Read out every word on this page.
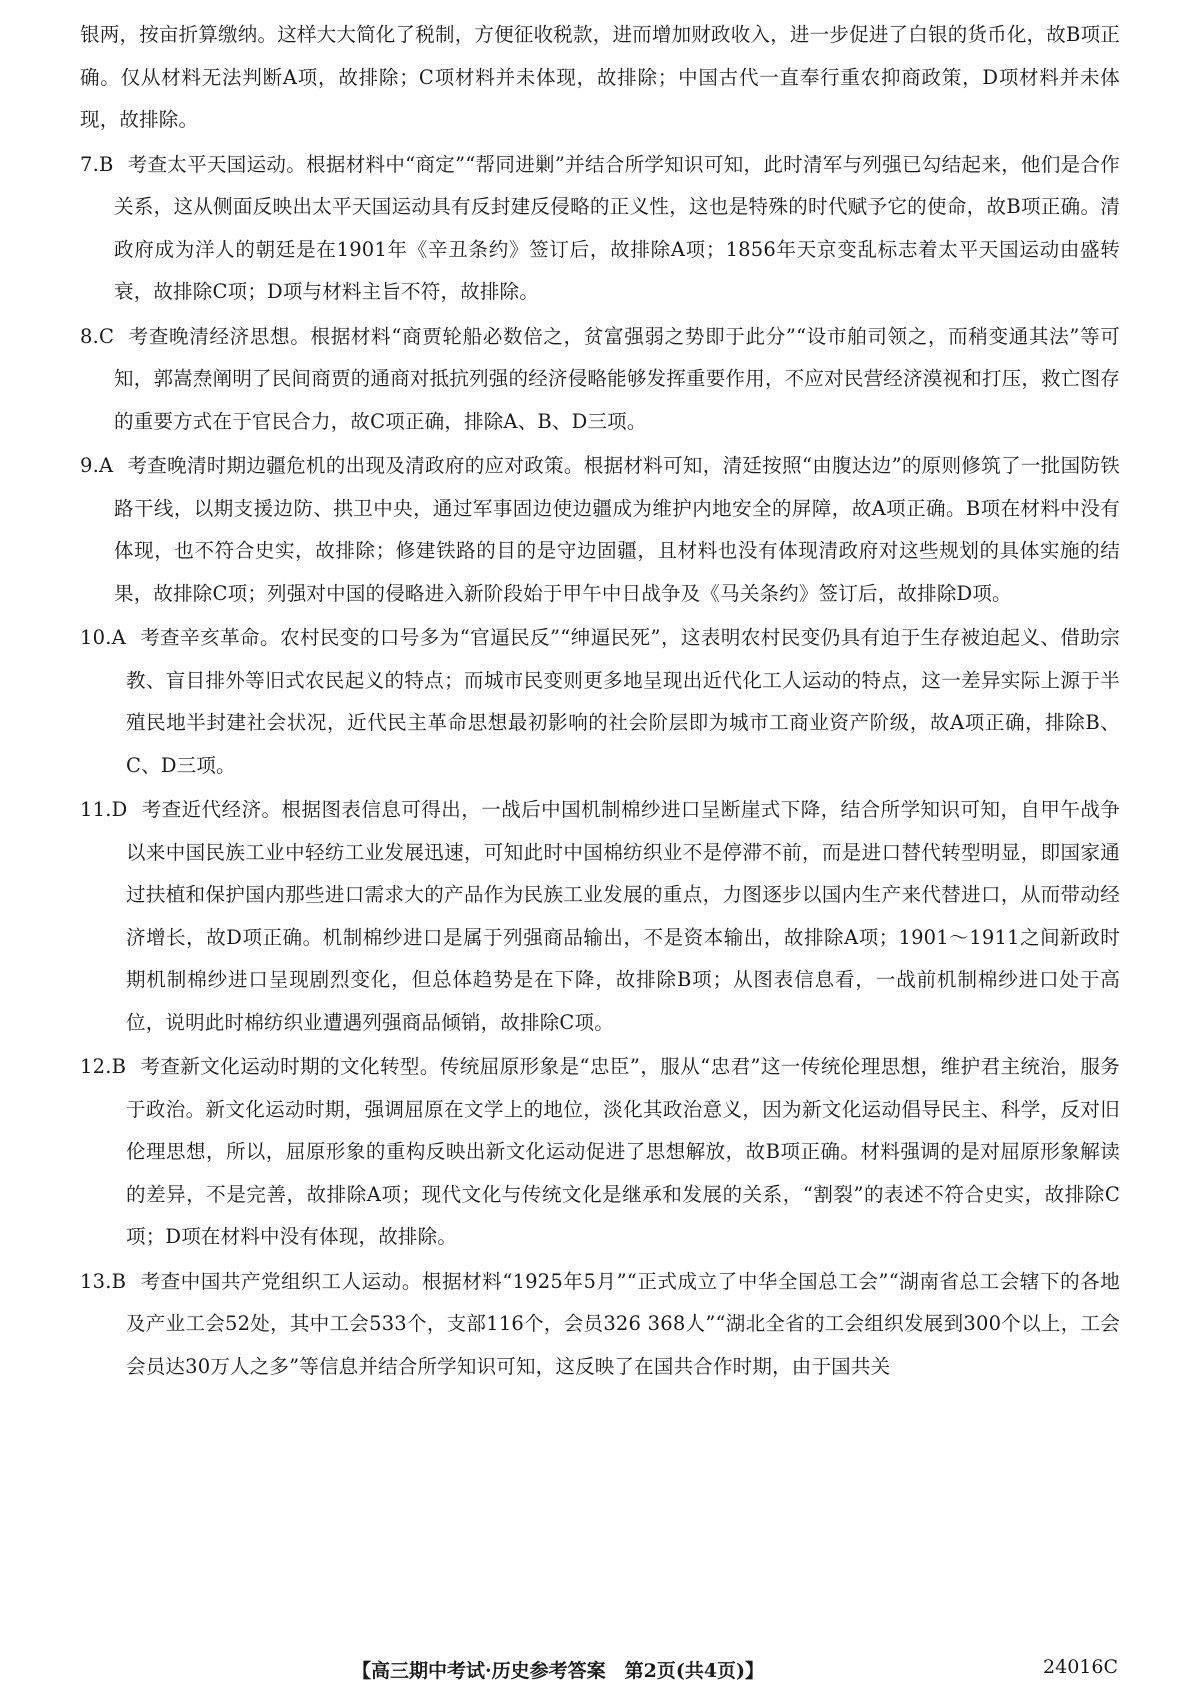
银两，按亩折算缴纳。这样大大简化了税制，方便征收税款，进而增加财政收入，进一步促进了白银的货币化，故B项正确。仅从材料无法判断A项，故排除；C项材料并未体现，故排除；中国古代一直奉行重农抑商政策，D项材料并未体现，故排除。

7.B 考查太平天国运动。根据材料中“商定”“帮同进剿”并结合所学知识可知，此时清军与列强已勾结起来，他们是合作关系，这从侧面反映出太平天国运动具有反封建反侵略的正义性，这也是特殊的时代赋予它的使命，故B项正确。清政府成为洋人的朝廷是在1901年《辛丑条约》签订后，故排除A项；1856年天京变乱标志着太平天国运动由盛转衰，故排除C项；D项与材料主旨不符，故排除。

8.C 考查晚清经济思想。根据材料“商贾轮船必数倍之，贫富强弱之势即于此分”“设市舶司领之，而稍变通其法”等可知，郭嵩焘阐明了民间商贾的通商对抵抗列强的经济侵略能够发挥重要作用，不应对民营经济漠视和打压，救亡图存的重要方式在于官民合力，故C项正确，排除A、B、D三项。

9.A 考查晚清时期边疆危机的出现及清政府的应对政策。根据材料可知，清廷按照“由腹达边”的原则修筑了一批国防铁路干线，以期支援边防、拱卫中央，通过军事固边使边疆成为维护内地安全的屏障，故A项正确。B项在材料中没有体现，也不符合史实，故排除；修建铁路的目的是守边固疆，且材料也没有体现清政府对这些规划的具体实施的结果，故排除C项；列强对中国的侵略进入新阶段始于甲午中日战争及《马关条约》签订后，故排除D项。

10.A 考查辛亥革命。农村民变的口号多为“官逼民反”“绅逼民死”，这表明农村民变仍具有迫于生存被迫起义、借助宗教、盲目排外等旧式农民起义的特点；而城市民变则更多地呈现出近代化工人运动的特点，这一差异实际上源于半殖民地半封建社会状况，近代民主革命思想最初影响的社会阶层即为城市工商业资产阶级，故A项正确，排除B、C、D三项。

11.D 考查近代经济。根据图表信息可得出，一战后中国机制棉纱进口呈断崖式下降，结合所学知识可知，自甲午战争以来中国民族工业中轻纺工业发展迅速，可知此时中国棉纺织业不是停滞不前，而是进口替代转型明显，即国家通过扶植和保护国内那些进口需求大的产品作为民族工业发展的重点，力图逐步以国内生产来代替进口，从而带动经济增长，故D项正确。机制棉纱进口是属于列强商品输出，不是资本输出，故排除A项；1901～1911之间新政时期机制棉纱进口呈现剧烈变化，但总体趋势是在下降，故排除B项；从图表信息看，一战前机制棉纱进口处于高位，说明此时棉纺织业遭遇列强商品倾销，故排除C项。

12.B 考查新文化运动时期的文化转型。传统屈原形象是“忠臣”，服从“忠君”这一传统伦理思想，维护君主统治，服务于政治。新文化运动时期，强调屈原在文学上的地位，淡化其政治意义，因为新文化运动倡导民主、科学，反对旧伦理思想，所以，屈原形象的重构反映出新文化运动促进了思想解放，故B项正确。材料强调的是对屈原形象解读的差异，不是完善，故排除A项；现代文化与传统文化是继承和发展的关系，“割裂”的表述不符合史实，故排除C项；D项在材料中没有体现，故排除。

13.B 考查中国共产党组织工人运动。根据材料“1925年5月”“正式成立了中华全国总工会”“湖南省总工会辖下的各地及产业工会52处，其中工会533个，支部116个，会员326 368人”“湖北全省的工会组织发展到300个以上，工会会员达30万人之多”等信息并结合所学知识可知，这反映了在国共合作时期，由于国共关

【高三期中考试·历史参考答案　第2页(共4页)】	24016C
